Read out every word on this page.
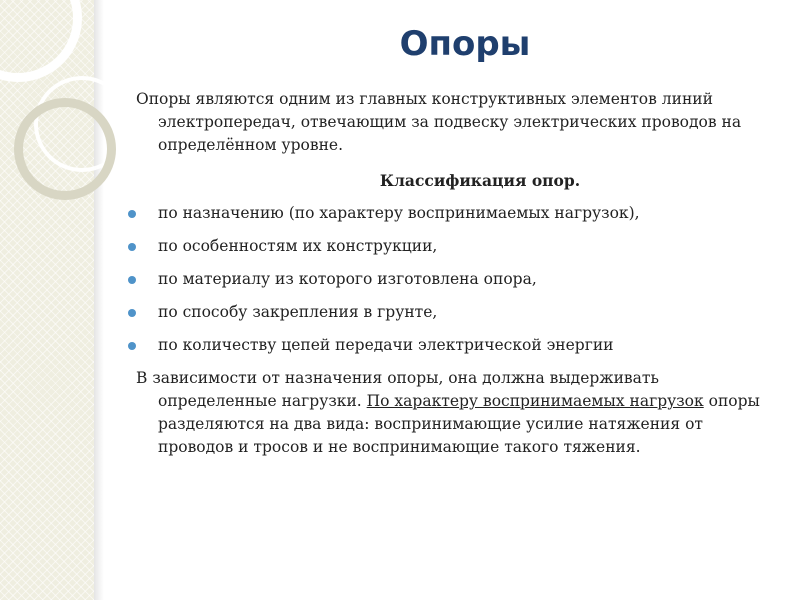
Опоры

Опоры являются одним из главных конструктивных элементов линий электропередач, отвечающим за подвеску электрических проводов на определённом уровне.

Классификация опор.
по назначению (по характеру воспринимаемых нагрузок),
по особенностям их конструкции,
по материалу из которого изготовлена опора,
по способу закрепления в грунте,
по количеству цепей передачи электрической энергии

В зависимости от назначения опоры, она должна выдерживать определенные нагрузки. По характеру воспринимаемых нагрузок опоры разделяются на два вида: воспринимающие усилие натяжения от проводов и тросов и не воспринимающие такого тяжения.
